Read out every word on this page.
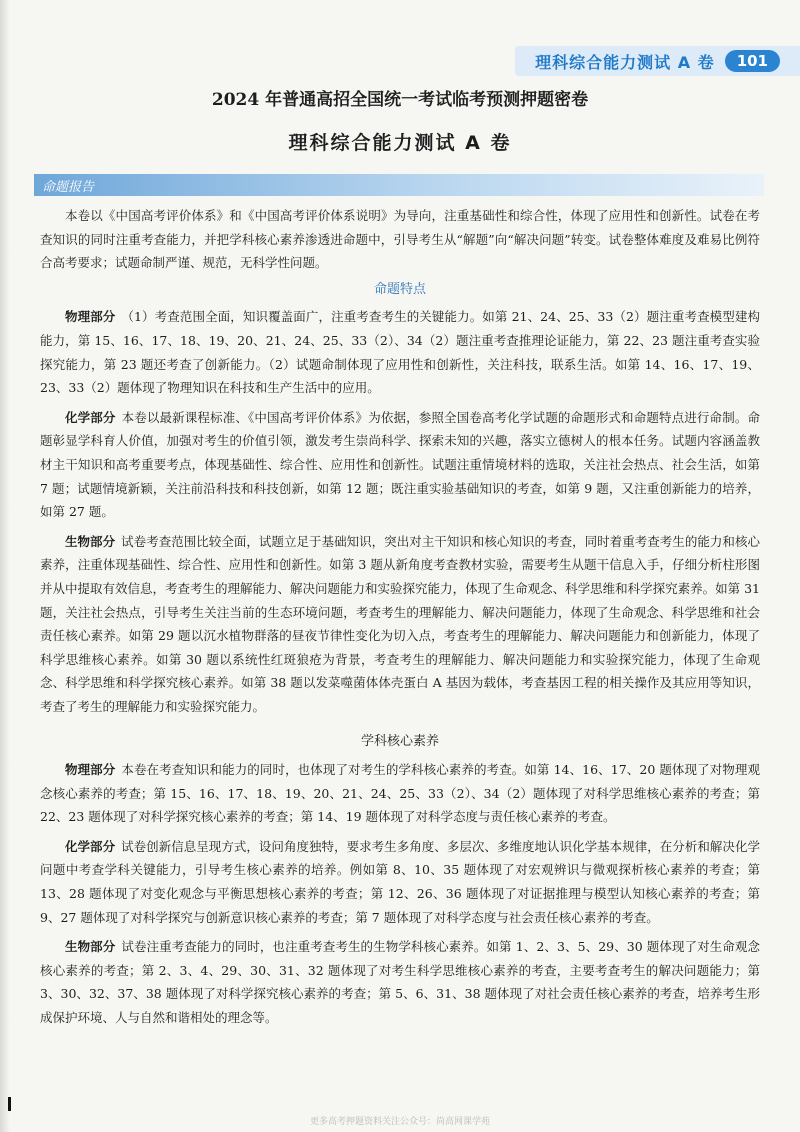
理科综合能力测试 A 卷	101
2024 年普通高招全国统一考试临考预测押题密卷
理科综合能力测试 A 卷
命题报告

本卷以《中国高考评价体系》和《中国高考评价体系说明》为导向，注重基础性和综合性，体现了应用性和创新性。试卷在考查知识的同时注重考查能力，并把学科核心素养渗透进命题中，引导考生从“解题”向“解决问题”转变。试卷整体难度及难易比例符合高考要求；试题命制严谨、规范，无科学性问题。

命题特点

物理部分 （1）考查范围全面，知识覆盖面广，注重考查考生的关键能力。如第 21、24、25、33（2）题注重考查模型建构能力，第 15、16、17、18、19、20、21、24、25、33（2）、34（2）题注重考查推理论证能力，第 22、23 题注重考查实验探究能力，第 23 题还考查了创新能力。（2）试题命制体现了应用性和创新性，关注科技，联系生活。如第 14、16、17、19、23、33（2）题体现了物理知识在科技和生产生活中的应用。

化学部分 本卷以最新课程标准、《中国高考评价体系》为依据，参照全国卷高考化学试题的命题形式和命题特点进行命制。命题彰显学科育人价值，加强对考生的价值引领，激发考生崇尚科学、探索未知的兴趣，落实立德树人的根本任务。试题内容涵盖教材主干知识和高考重要考点，体现基础性、综合性、应用性和创新性。试题注重情境材料的选取，关注社会热点、社会生活，如第 7 题；试题情境新颖，关注前沿科技和科技创新，如第 12 题；既注重实验基础知识的考查，如第 9 题，又注重创新能力的培养，如第 27 题。

生物部分 试卷考查范围比较全面，试题立足于基础知识，突出对主干知识和核心知识的考查，同时着重考查考生的能力和核心素养，注重体现基础性、综合性、应用性和创新性。如第 3 题从新角度考查教材实验，需要考生从题干信息入手，仔细分析柱形图并从中提取有效信息，考查考生的理解能力、解决问题能力和实验探究能力，体现了生命观念、科学思维和科学探究素养。如第 31 题，关注社会热点，引导考生关注当前的生态环境问题，考查考生的理解能力、解决问题能力，体现了生命观念、科学思维和社会责任核心素养。如第 29 题以沉水植物群落的昼夜节律性变化为切入点，考查考生的理解能力、解决问题能力和创新能力，体现了科学思维核心素养。如第 30 题以系统性红斑狼疮为背景，考查考生的理解能力、解决问题能力和实验探究能力，体现了生命观念、科学思维和科学探究核心素养。如第 38 题以发菜噬菌体体壳蛋白 A 基因为载体，考查基因工程的相关操作及其应用等知识，考查了考生的理解能力和实验探究能力。

学科核心素养

物理部分 本卷在考查知识和能力的同时，也体现了对考生的学科核心素养的考查。如第 14、16、17、20 题体现了对物理观念核心素养的考查；第 15、16、17、18、19、20、21、24、25、33（2）、34（2）题体现了对科学思维核心素养的考查；第 22、23 题体现了对科学探究核心素养的考查；第 14、19 题体现了对科学态度与责任核心素养的考查。

化学部分 试卷创新信息呈现方式，设问角度独特，要求考生多角度、多层次、多维度地认识化学基本规律，在分析和解决化学问题中考查学科关键能力，引导考生核心素养的培养。例如第 8、10、35 题体现了对宏观辨识与微观探析核心素养的考查；第 13、28 题体现了对变化观念与平衡思想核心素养的考查；第 12、26、36 题体现了对证据推理与模型认知核心素养的考查；第 9、27 题体现了对科学探究与创新意识核心素养的考查；第 7 题体现了对科学态度与社会责任核心素养的考查。

生物部分 试卷注重考查能力的同时，也注重考查考生的生物学科核心素养。如第 1、2、3、5、29、30 题体现了对生命观念核心素养的考查；第 2、3、4、29、30、31、32 题体现了对考生科学思维核心素养的考查，主要考查考生的解决问题能力；第 3、30、32、37、38 题体现了对科学探究核心素养的考查；第 5、6、31、38 题体现了对社会责任核心素养的考查，培养考生形成保护环境、人与自然和谐相处的理念等。

更多高考押题资料关注公众号：尚高网课学苑
